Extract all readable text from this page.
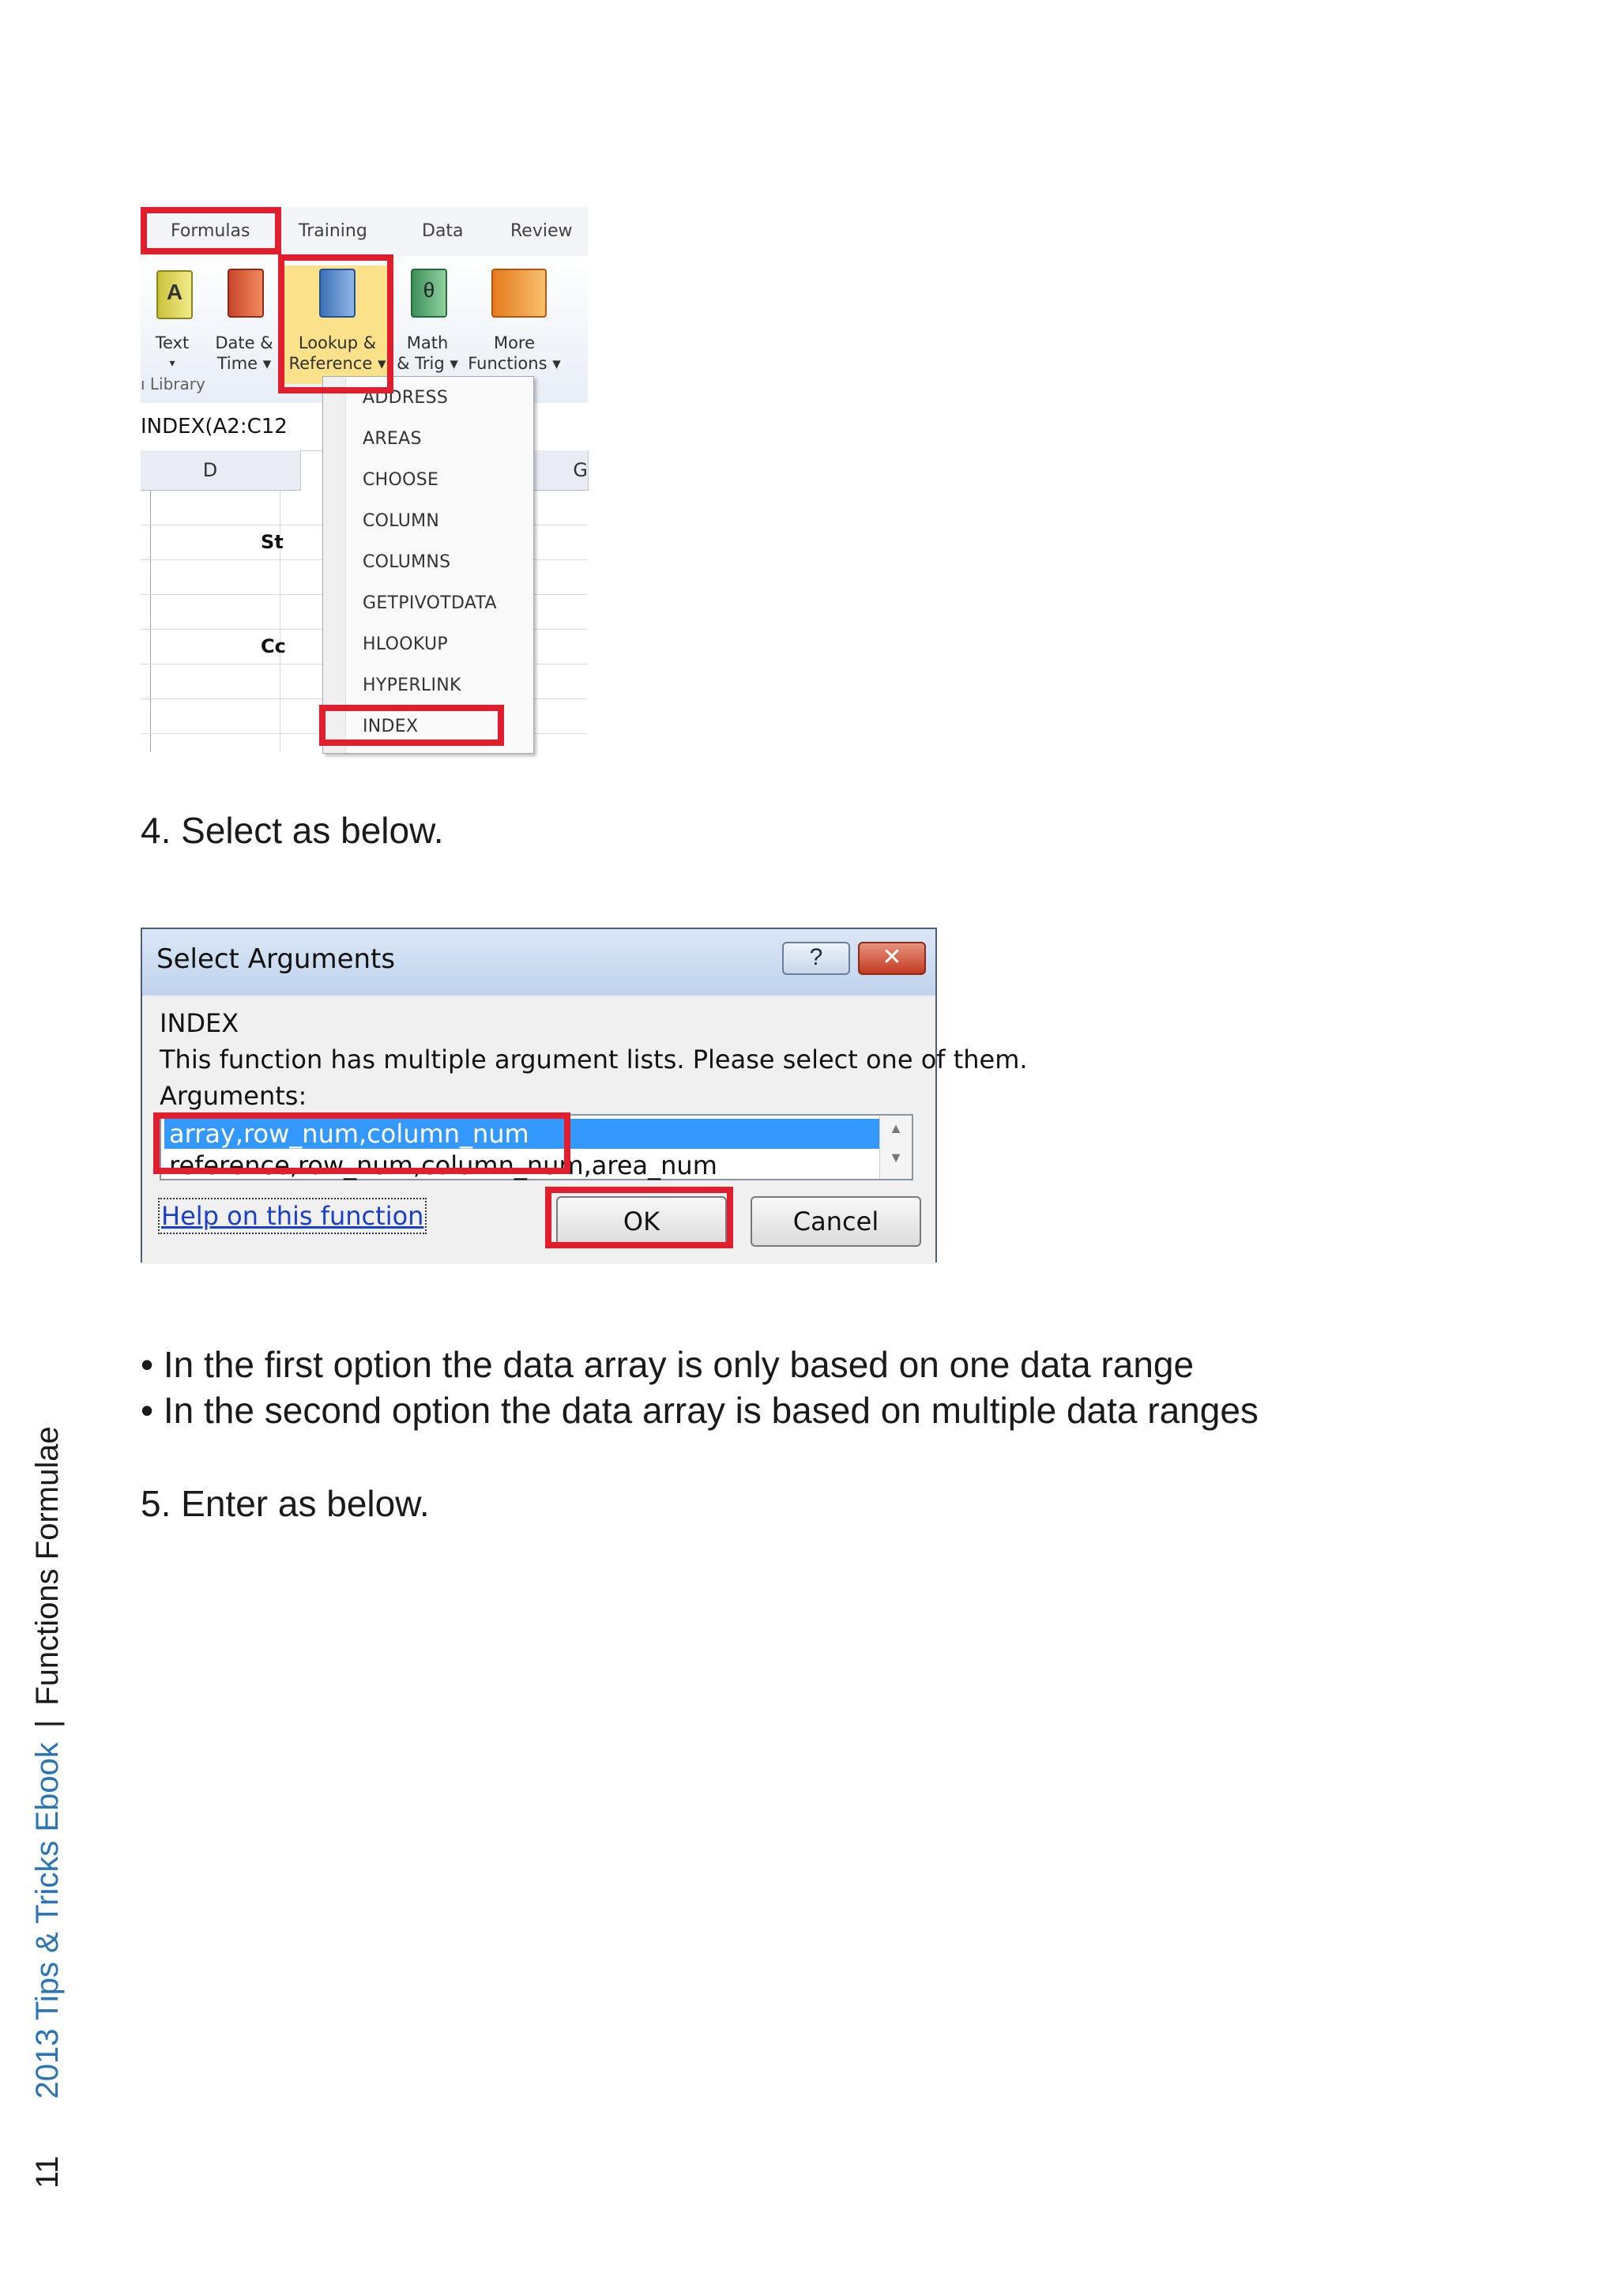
Formulas	Training	Data	Review
A
Text
▾
Date &
Time ▾
Lookup &
Reference ▾
θ
Math
& Trig ▾
More
Functions ▾
ı Library
INDEX(A2:C12
D	G
St
Cc
ADDRESS
AREAS
CHOOSE
COLUMN
COLUMNS
GETPIVOTDATA
HLOOKUP
HYPERLINK
INDEX
4. Select as below.
Select Arguments	?	✕
INDEX
This function has multiple argument lists. Please select one of them.
Arguments:
array,row_num,column_num
reference,row_num,column_num,area_num
▲
▼
Help on this function	OK	Cancel
• In the first option the data array is only based on one data range
• In the second option the data array is based on multiple data ranges
5. Enter as below.
112013 Tips & Tricks Ebook|Functions Formulae
